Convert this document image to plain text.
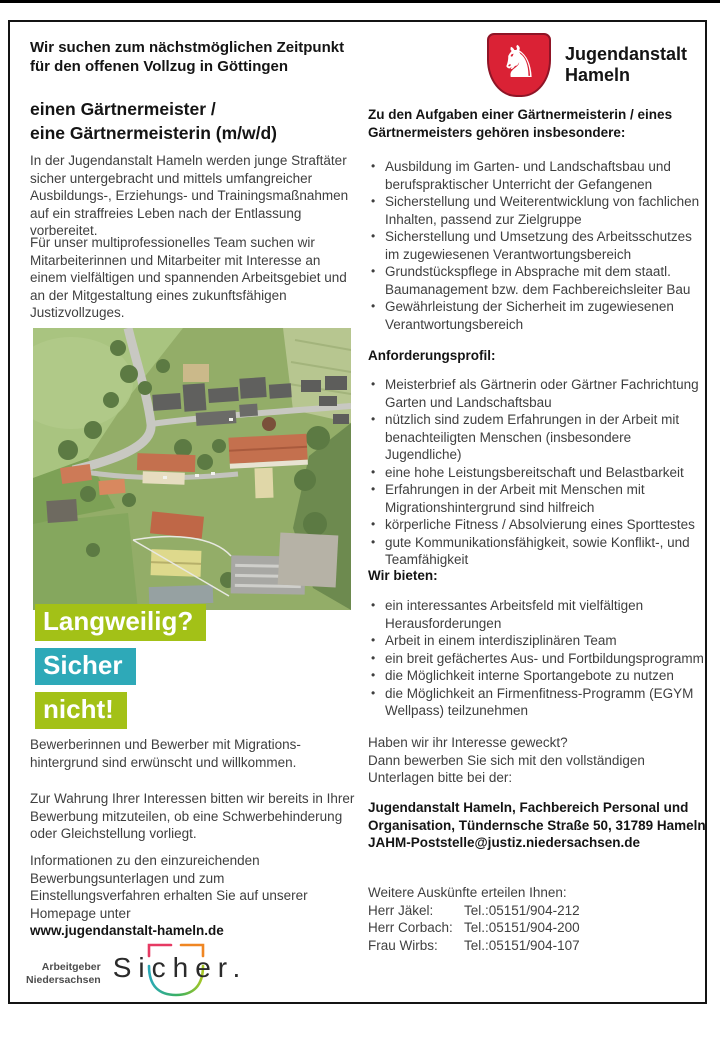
Wir suchen zum nächstmöglichen Zeitpunkt

für den offenen Vollzug in Göttingen	♞ Jugendanstalt

Hameln

einen Gärtnermeister /

eine Gärtnermeisterin (m/w/d)

In der Jugendanstalt Hameln werden junge Straftäter sicher untergebracht und mittels umfangreicher Ausbildungs-, Erziehungs- und Trainingsmaßnahmen auf ein straffreies Leben nach der Entlassung vorbereitet.

Für unser multiprofessionelles Team suchen wir Mitarbeiterinnen und Mitarbeiter mit Interesse an einem vielfältigen und spannenden Arbeitsgebiet und an der Mitgestaltung eines zukunftsfähigen Justizvollzuges.

Langweilig?
Sicher
nicht!

Bewerberinnen und Bewerber mit Migrations-hintergrund sind erwünscht und willkommen.

Zur Wahrung Ihrer Interessen bitten wir bereits in Ihrer Bewerbung mitzuteilen, ob eine Schwerbehinderung oder Gleichstellung vorliegt.

Informationen zu den einzureichenden Bewerbungsunterlagen und zum Einstellungsverfahren erhalten Sie auf unserer Homepage unter

www.jugendanstalt-hameln.de

Arbeitgeber

Niedersachsen Sicher.

Zu den Aufgaben einer Gärtnermeisterin / eines Gärtnermeisters gehören insbesondere:

• Ausbildung im Garten- und Landschaftsbau und berufspraktischer Unterricht der Gefangenen
• Sicherstellung und Weiterentwicklung von fachlichen Inhalten, passend zur Zielgruppe
• Sicherstellung und Umsetzung des Arbeitsschutzes im zugewiesenen Verantwortungsbereich
• Grundstückspflege in Absprache mit dem staatl. Baumanagement bzw. dem Fachbereichsleiter Bau
• Gewährleistung der Sicherheit im zugewiesenen Verantwortungsbereich

Anforderungsprofil:

• Meisterbrief als Gärtnerin oder Gärtner Fachrichtung Garten und Landschaftsbau
• nützlich sind zudem Erfahrungen in der Arbeit mit benachteiligten Menschen (insbesondere Jugendliche)
• eine hohe Leistungsbereitschaft und Belastbarkeit
• Erfahrungen in der Arbeit mit Menschen mit Migrationshintergrund sind hilfreich
• körperliche Fitness / Absolvierung eines Sporttestes
• gute Kommunikationsfähigkeit, sowie Konflikt-, und Teamfähigkeit

Wir bieten:

• ein interessantes Arbeitsfeld mit vielfältigen Herausforderungen
• Arbeit in einem interdisziplinären Team
• ein breit gefächertes Aus- und Fortbildungsprogramm
• die Möglichkeit interne Sportangebote zu nutzen
• die Möglichkeit an Firmenfitness-Programm (EGYM Wellpass) teilzunehmen

Haben wir ihr Interesse geweckt?

Dann bewerben Sie sich mit den vollständigen

Unterlagen bitte bei der:

Jugendanstalt Hameln, Fachbereich Personal und Organisation, Tündernsche Straße 50, 31789 Hameln

JAHM-Poststelle@justiz.niedersachsen.de

Weitere Auskünfte erteilen Ihnen:

Herr Jäkel:	Tel.:05151/904-212
Herr Corbach: Tel.:05151/904-200
Frau Wirbs:	Tel.:05151/904-107
